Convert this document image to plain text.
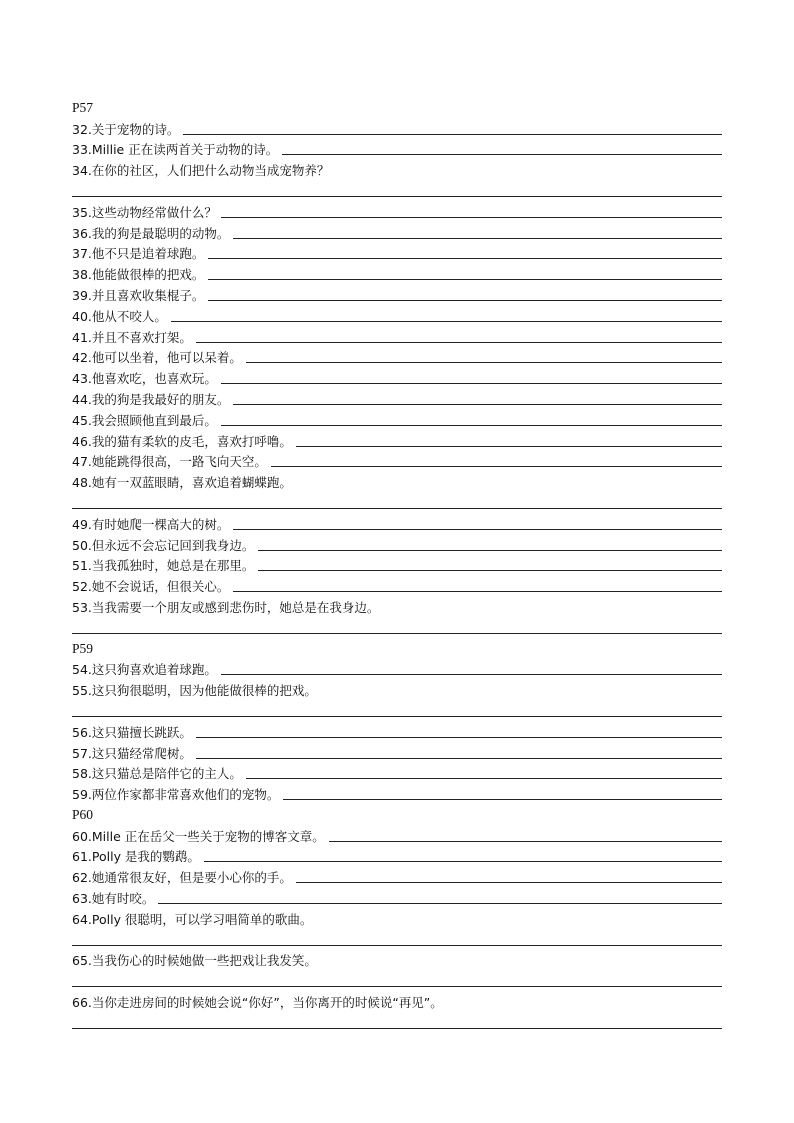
P57
32.关于宠物的诗。
33.Millie 正在读两首关于动物的诗。
34.在你的社区，人们把什么动物当成宠物养？
35.这些动物经常做什么？
36.我的狗是最聪明的动物。
37.他不只是追着球跑。
38.他能做很棒的把戏。
39.并且喜欢收集棍子。
40.他从不咬人。
41.并且不喜欢打架。
42.他可以坐着，他可以呆着。
43.他喜欢吃，也喜欢玩。
44.我的狗是我最好的朋友。
45.我会照顾他直到最后。
46.我的猫有柔软的皮毛，喜欢打呼噜。
47.她能跳得很高，一路飞向天空。
48.她有一双蓝眼睛，喜欢追着蝴蝶跑。
49.有时她爬一棵高大的树。
50.但永远不会忘记回到我身边。
51.当我孤独时，她总是在那里。
52.她不会说话，但很关心。
53.当我需要一个朋友或感到悲伤时，她总是在我身边。
P59
54.这只狗喜欢追着球跑。
55.这只狗很聪明，因为他能做很棒的把戏。
56.这只猫擅长跳跃。
57.这只猫经常爬树。
58.这只猫总是陪伴它的主人。
59.两位作家都非常喜欢他们的宠物。
P60
60.Mille 正在岳父一些关于宠物的博客文章。
61.Polly 是我的鹦鹉。
62.她通常很友好，但是要小心你的手。
63.她有时咬。
64.Polly 很聪明，可以学习唱简单的歌曲。
65.当我伤心的时候她做一些把戏让我发笑。
66.当你走进房间的时候她会说“你好”，当你离开的时候说“再见”。
